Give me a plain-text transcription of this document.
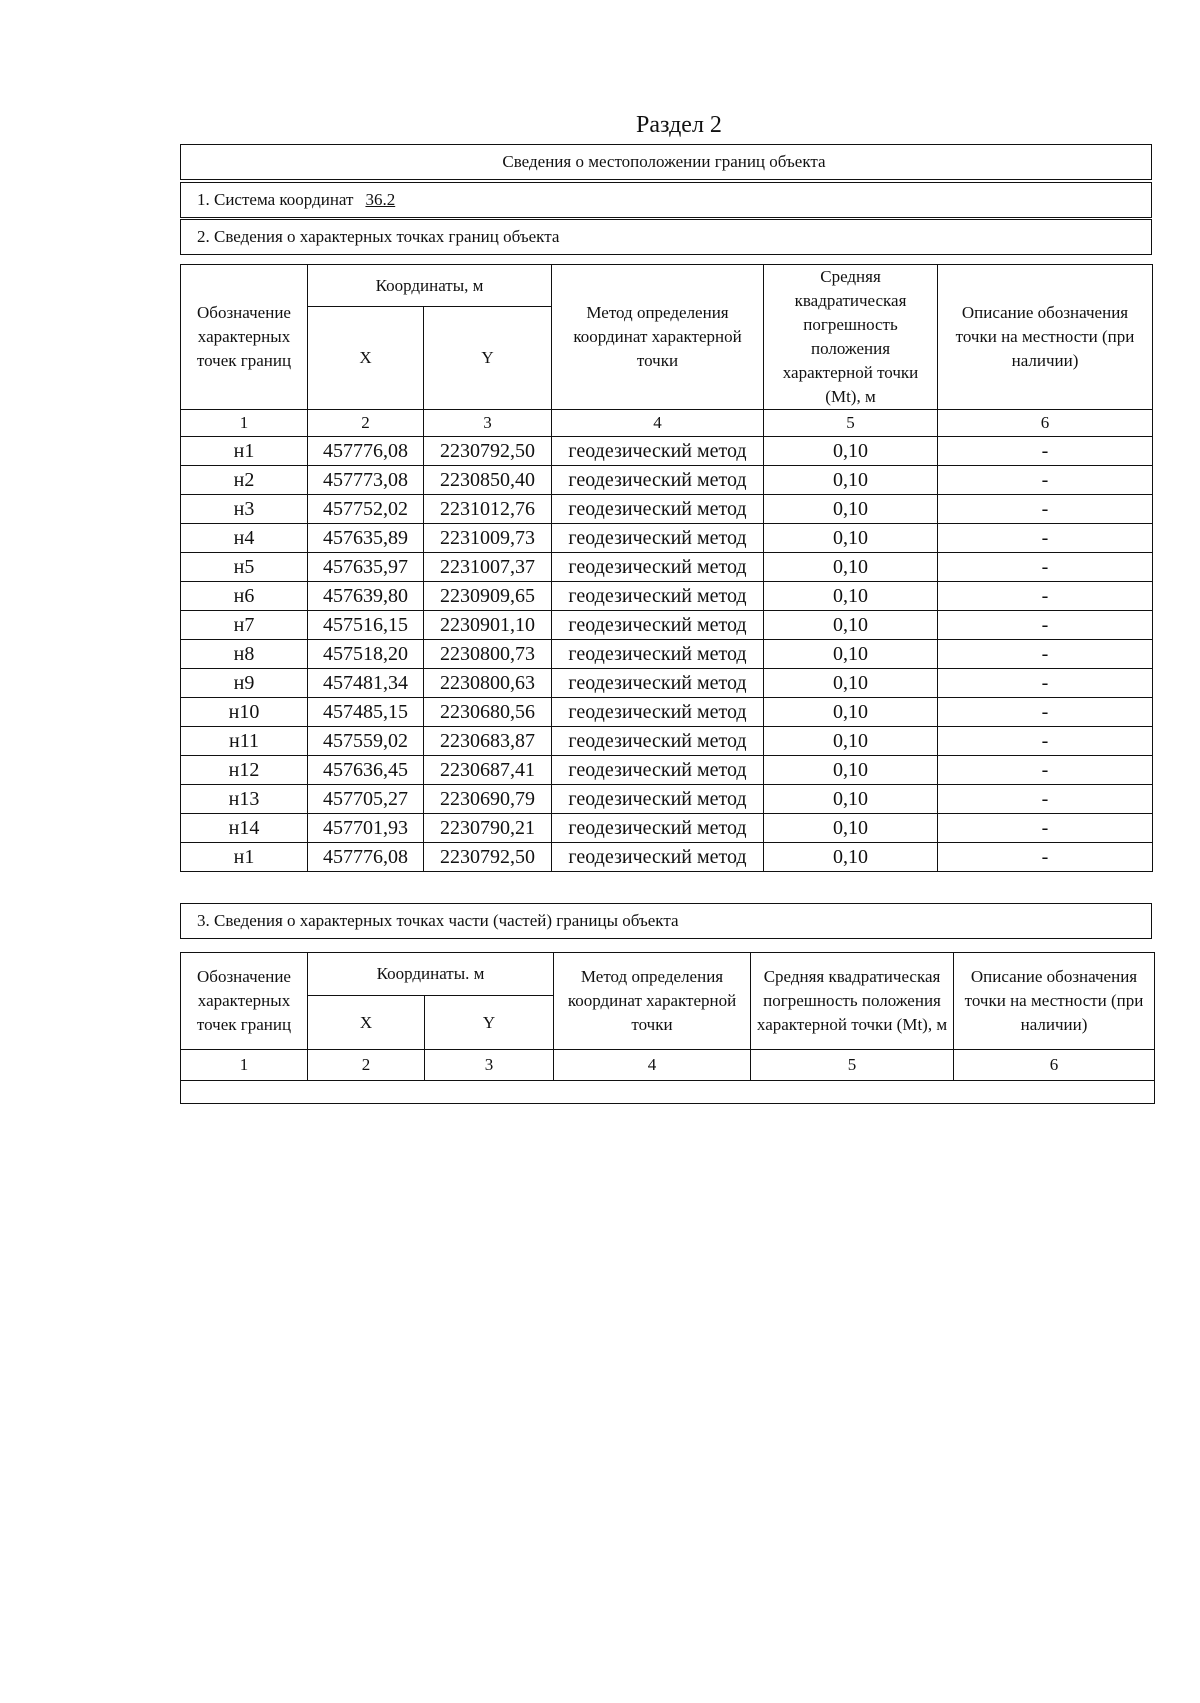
Раздел 2
Сведения о местоположении границ объекта
1. Система координат 36.2
2. Сведения о характерных точках границ объекта
Обозначение характерных точек границ	Координаты, м		Метод определения координат характерной точки	Средняя квадратическая погрешность положения характерной точки (Mt), м	Описание обозначения точки на местности (при наличии)
	X	Y			
1	2	3	4	5	6
н1	457776,08	2230792,50	геодезический метод	0,10	-
н2	457773,08	2230850,40	геодезический метод	0,10	-
н3	457752,02	2231012,76	геодезический метод	0,10	-
н4	457635,89	2231009,73	геодезический метод	0,10	-
н5	457635,97	2231007,37	геодезический метод	0,10	-
н6	457639,80	2230909,65	геодезический метод	0,10	-
н7	457516,15	2230901,10	геодезический метод	0,10	-
н8	457518,20	2230800,73	геодезический метод	0,10	-
н9	457481,34	2230800,63	геодезический метод	0,10	-
н10	457485,15	2230680,56	геодезический метод	0,10	-
н11	457559,02	2230683,87	геодезический метод	0,10	-
н12	457636,45	2230687,41	геодезический метод	0,10	-
н13	457705,27	2230690,79	геодезический метод	0,10	-
н14	457701,93	2230790,21	геодезический метод	0,10	-
н1	457776,08	2230792,50	геодезический метод	0,10	-
3. Сведения о характерных точках части (частей) границы объекта
Обозначение характерных точек границ	Координаты. м		Метод определения координат характерной точки	Средняя квадратическая погрешность положения характерной точки (Mt), м	Описание обозначения точки на местности (при наличии)
	X	Y			
1	2	3	4	5	6
